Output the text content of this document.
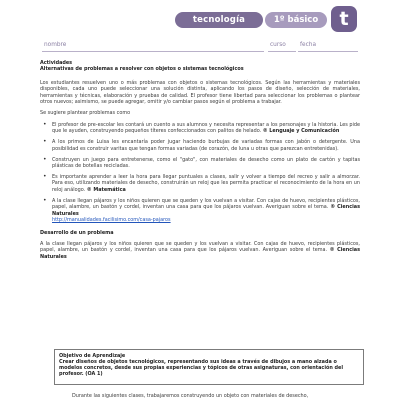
tecnología	1º básico	t
nombre	curso fecha
Actividades
Alternativas de problemas a resolver con objetos o sistemas tecnológicos
Los estudiantes resuelven uno o más problemas con objetos o sistemas tecnológicos. Según las herramientas y materiales disponibles, cada uno puede seleccionar una solución distinta, aplicando los pasos de diseño, selección de materiales, herramientas y técnicas, elaboración y pruebas de calidad. El profesor tiene libertad para seleccionar los problemas o plantear otros nuevos; asimismo, se puede agregar, omitir y/o cambiar pasos según el problema a trabajar.
Se sugiere plantear problemas como
• El profesor de pre-escolar les contará un cuento a sus alumnos y necesita representar a los personajes y la historia. Les pide que le ayuden, construyendo pequeños títeres confeccionados con palitos de helado. ® Lenguaje y Comunicación
• A los primos de Luisa les encantaría poder jugar haciendo burbujas de variadas formas con jabón o detergente. Una posibilidad es construir varitas que tengan formas variadas (de corazón, de luna u otras que parezcan entretenidas).
• Construyen un juego para entretenerse, como el "gato", con materiales de desecho como un plato de cartón y tapitas plásticas de botellas recicladas.
• Es importante aprender a leer la hora para llegar puntuales a clases, salir y volver a tiempo del recreo y salir a almorzar. Para eso, utilizando materiales de desecho, construirán un reloj que les permita practicar el reconocimiento de la hora en un reloj análogo. ® Matemática
• A la clase llegan pájaros y los niños quieren que se queden y los vuelvan a visitar. Con cajas de huevo, recipientes plásticos, papel, alambre, un bastón y cordel, inventan una casa para que los pájaros vuelvan. Averiguan sobre el tema. ® Ciencias Naturales
http://manualidades.facilisimo.com/casa-pajaros
Desarrollo de un problema
A la clase llegan pájaros y los niños quieren que se queden y los vuelvan a visitar. Con cajas de huevo, recipientes plásticos, papel, alambre, un bastón y cordel, inventan una casa para que los pájaros vuelvan. Averiguan sobre el tema. ® Ciencias Naturales
Objetivo de Aprendizaje
Crear diseños de objetos tecnológicos, representando sus ideas a través de dibujos a mano alzada o modelos concretos, desde sus propias experiencias y tópicos de otras asignaturas, con orientación del profesor. (OA 1)
Durante las siguientes clases, trabajaremos construyendo un objeto con materiales de desecho,
